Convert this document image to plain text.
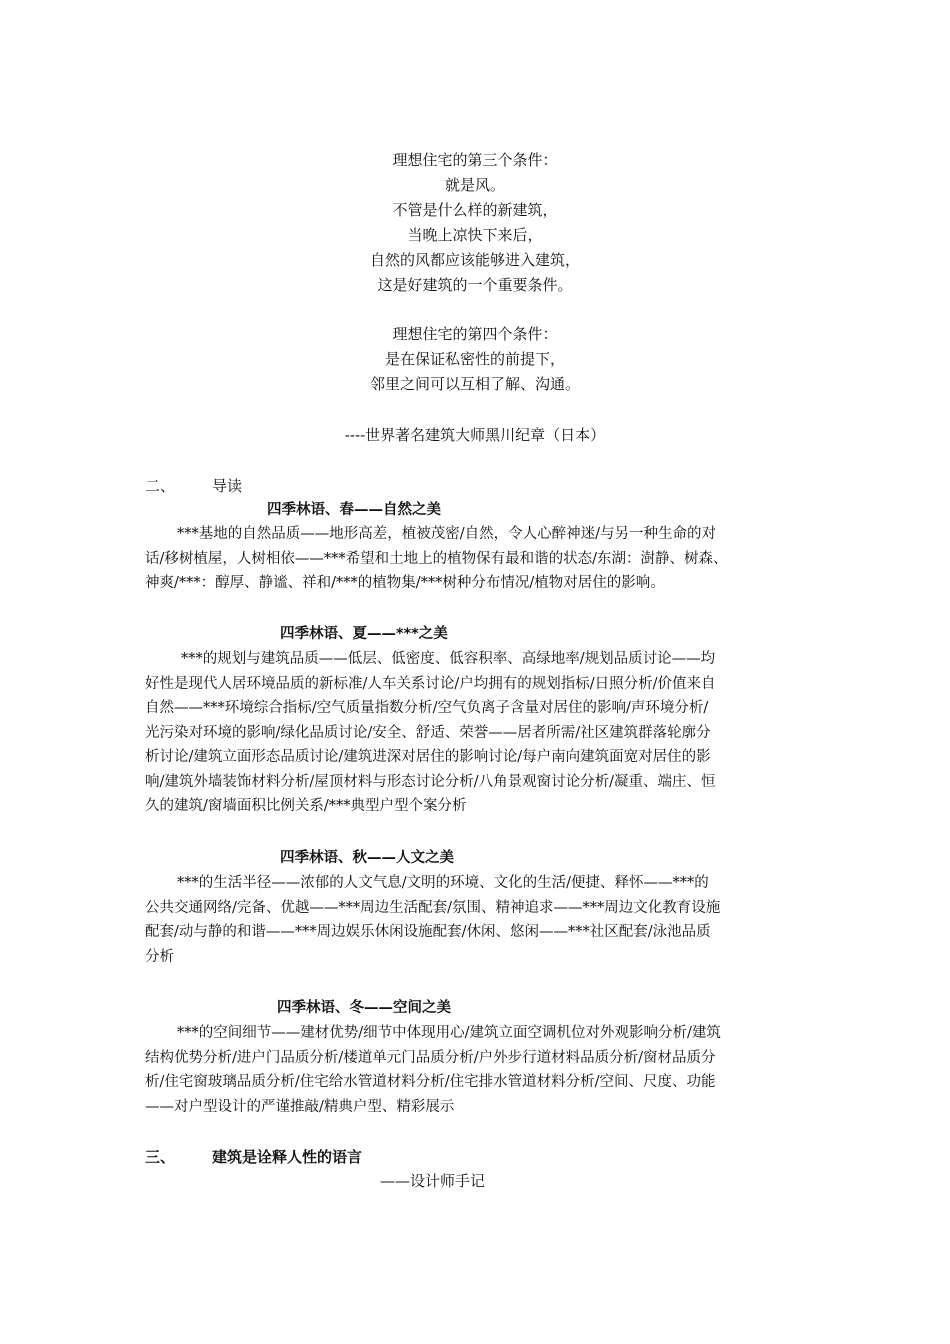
理想住宅的第三个条件：
就是风。
不管是什么样的新建筑，
当晚上凉快下来后，
自然的风都应该能够进入建筑，
这是好建筑的一个重要条件。
理想住宅的第四个条件：
是在保证私密性的前提下，
邻里之间可以互相了解、沟通。
----世界著名建筑大师黑川纪章（日本）
二、 导读
四季林语、春——自然之美
***基地的自然品质——地形高差，植被茂密/自然，令人心醉神迷/与另一种生命的对
话/移树植屋，人树相依——***希望和土地上的植物保有最和谐的状态/东湖：澍静、树森、
神爽/***：醇厚、静谧、祥和/***的植物集/***树种分布情况/植物对居住的影响。
四季林语、夏——***之美
***的规划与建筑品质——低层、低密度、低容积率、高绿地率/规划品质讨论——均
好性是现代人居环境品质的新标准/人车关系讨论/户均拥有的规划指标/日照分析/价值来自
自然——***环境综合指标/空气质量指数分析/空气负离子含量对居住的影响/声环境分析/
光污染对环境的影响/绿化品质讨论/安全、舒适、荣誉——居者所需/社区建筑群落轮廓分
析讨论/建筑立面形态品质讨论/建筑进深对居住的影响讨论/每户南向建筑面宽对居住的影
响/建筑外墙装饰材料分析/屋顶材料与形态讨论分析/八角景观窗讨论分析/凝重、端庄、恒
久的建筑/窗墙面积比例关系/***典型户型个案分析
四季林语、秋——人文之美
***的生活半径——浓郁的人文气息/文明的环境、文化的生活/便捷、释怀——***的
公共交通网络/完备、优越——***周边生活配套/氛围、精神追求——***周边文化教育设施
配套/动与静的和谐——***周边娱乐休闲设施配套/休闲、悠闲——***社区配套/泳池品质
分析
四季林语、冬——空间之美
***的空间细节——建材优势/细节中体现用心/建筑立面空调机位对外观影响分析/建筑
结构优势分析/进户门品质分析/楼道单元门品质分析/户外步行道材料品质分析/窗材品质分
析/住宅窗玻璃品质分析/住宅给水管道材料分析/住宅排水管道材料分析/空间、尺度、功能
——对户型设计的严谨推敲/精典户型、精彩展示
三、 建筑是诠释人性的语言
——设计师手记
